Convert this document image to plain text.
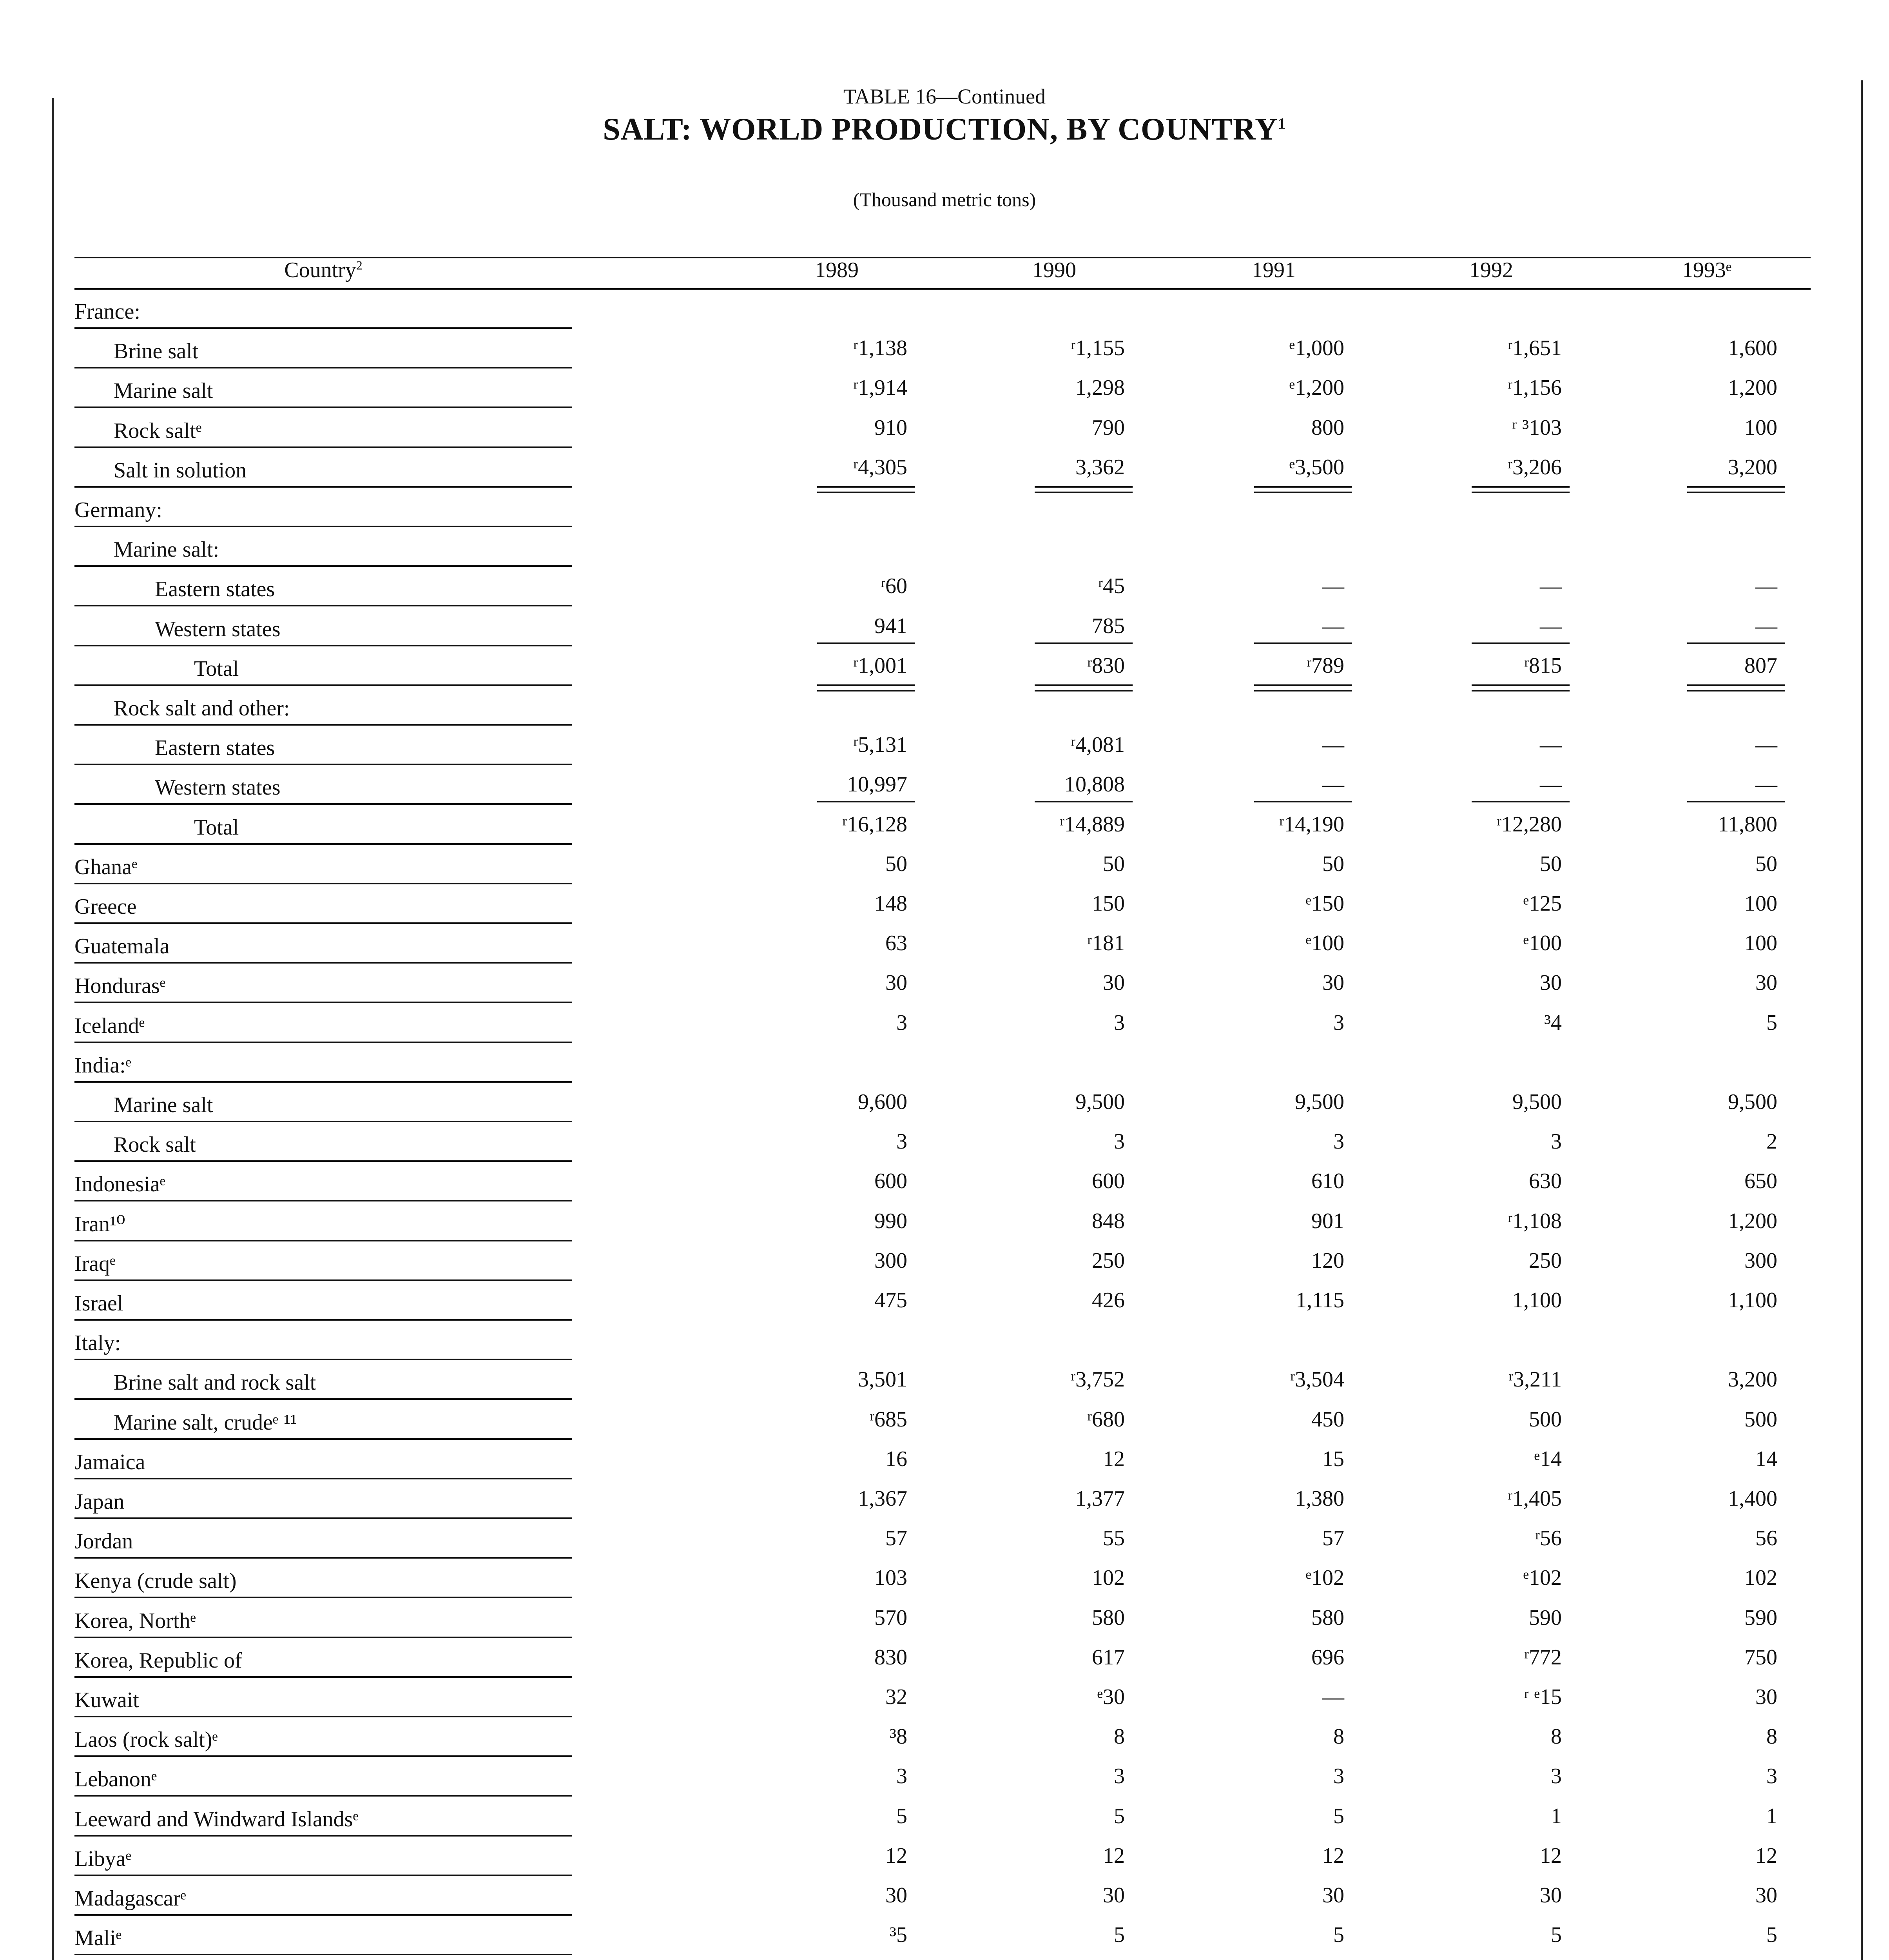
TABLE 16—Continued
SALT: WORLD PRODUCTION, BY COUNTRY$^1$
(Thousand metric tons)
Country$^2$	1989	1990	1991	1992	1993ᵉ
France:
Brine salt	ʳ1,138	ʳ1,155	ᵉ1,000	ʳ1,651	1,600
Marine salt	ʳ1,914	1,298	ᵉ1,200	ʳ1,156	1,200
Rock saltᵉ	910	790	800	ʳ ³103	100
Salt in solution	ʳ4,305	3,362	ᵉ3,500	ʳ3,206	3,200
Germany:
Marine salt:
Eastern states	ʳ60	ʳ45	—	—	—
Western states	941	785	—	—	—
Total	ʳ1,001	ʳ830	ʳ789	ʳ815	807
Rock salt and other:
Eastern states	ʳ5,131	ʳ4,081	—	—	—
Western states	10,997	10,808	—	—	—
Total	ʳ16,128	ʳ14,889	ʳ14,190	ʳ12,280	11,800
Ghanaᵉ	50	50	50	50	50
Greece	148	150	ᵉ150	ᵉ125	100
Guatemala	63	ʳ181	ᵉ100	ᵉ100	100
Hondurasᵉ	30	30	30	30	30
Icelandᵉ	3	3	3	³4	5
India:ᵉ
Marine salt	9,600	9,500	9,500	9,500	9,500
Rock salt	3	3	3	3	2
Indonesiaᵉ	600	600	610	630	650
Iran¹⁰	990	848	901	ʳ1,108	1,200
Iraqᵉ	300	250	120	250	300
Israel	475	426	1,115	1,100	1,100
Italy:
Brine salt and rock salt	3,501	ʳ3,752	ʳ3,504	ʳ3,211	3,200
Marine salt, crudeᵉ ¹¹	ʳ685	ʳ680	450	500	500
Jamaica	16	12	15	ᵉ14	14
Japan	1,367	1,377	1,380	ʳ1,405	1,400
Jordan	57	55	57	ʳ56	56
Kenya (crude salt)	103	102	ᵉ102	ᵉ102	102
Korea, Northᵉ	570	580	580	590	590
Korea, Republic of	830	617	696	ʳ772	750
Kuwait	32	ᵉ30	—	ʳ ᵉ15	30
Laos (rock salt)ᵉ	³8	8	8	8	8
Lebanonᵉ	3	3	3	3	3
Leeward and Windward Islandsᵉ	5	5	5	1	1
Libyaᵉ	12	12	12	12	12
Madagascarᵉ	30	30	30	30	30
Maliᵉ	³5	5	5	5	5
